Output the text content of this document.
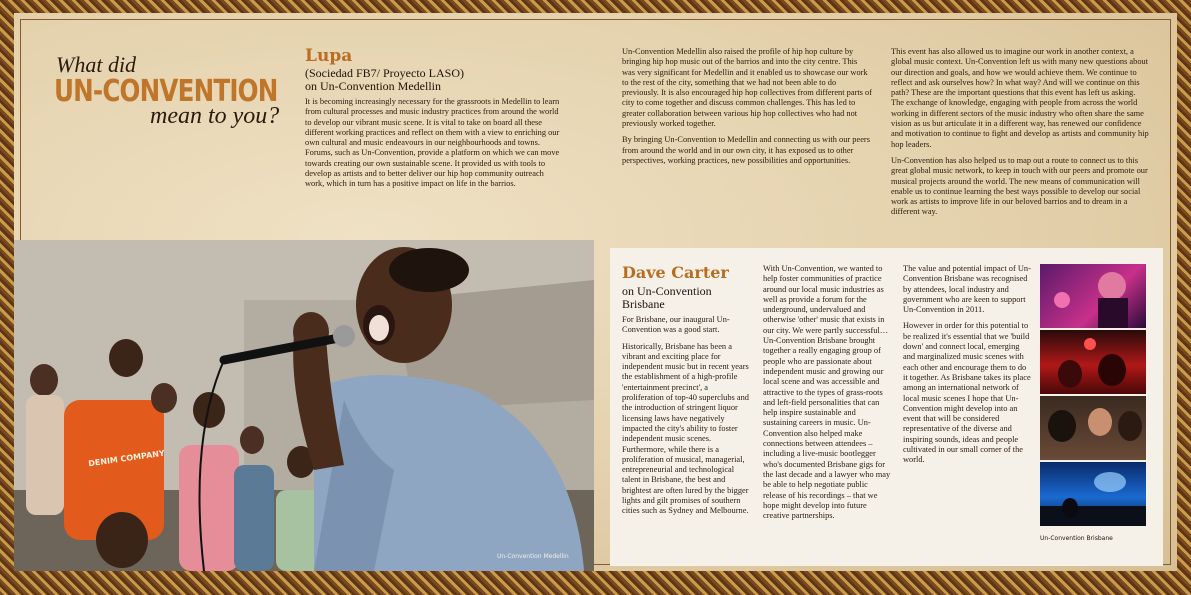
What did
UN-CONVENTION
mean to you?
Lupa
(Sociedad FB7/ Proyecto LASO)
on Un-Convention Medellin

It is becoming increasingly necessary for the grassroots in Medellin to learn from cultural processes and music industry practices from around the world to develop our vibrant music scene. It is vital to take on board all these different working practices and reflect on them with a view to enriching our own cultural and music endeavours in our neighbourhoods and towns. Forums, such as Un-Convention, provide a platform on which we can move towards creating our own sustainable scene. It provided us with tools to develop as artists and to better deliver our hip hop community outreach work, which in turn has a positive impact on life in the barrios.

Un-Convention Medellin also raised the profile of hip hop culture by bringing hip hop music out of the barrios and into the city centre. This was very significant for Medellin and it enabled us to showcase our work to the rest of the city, something that we had not been able to do previously. It is also encouraged hip hop collectives from different parts of city to come together and discuss common challenges. This has led to greater collaboration between various hip hop collectives who had not previously worked together.

By bringing Un-Convention to Medellin and connecting us with our peers from around the world and in our own city, it has exposed us to other perspectives, working practices, new possibilities and opportunities.

This event has also allowed us to imagine our work in another context, a global music context. Un-Convention left us with many new questions about our direction and goals, and how we would achieve them. We continue to reflect and ask ourselves how? In what way? And will we continue on this path? These are the important questions that this event has left us asking. The exchange of knowledge, engaging with people from across the world working in different sectors of the music industry who often share the same vision as us but articulate it in a different way, has renewed our confidence and motivation to continue to fight and develop as artists and community hip hop leaders.

Un-Convention has also helped us to map out a route to connect us to this great global music network, to keep in touch with our peers and promote our musical projects around the world. The new means of communication will enable us to continue learning the best ways possible to develop our social work as artists to improve life in our beloved barrios and to dream in a different way.

DENIM COMPANY
Un-Convention Medellin
Dave Carter
on Un-Convention
Brisbane

For Brisbane, our inaugural Un-Convention was a good start.

Historically, Brisbane has been a vibrant and exciting place for independent music but in recent years the establishment of a high-profile 'entertainment precinct', a proliferation of top-40 superclubs and the introduction of stringent liquor licensing laws have negatively impacted the city's ability to foster independent music scenes. Furthermore, while there is a proliferation of musical, managerial, entrepreneurial and technological talent in Brisbane, the best and brightest are often lured by the bigger lights and gilt promises of southern cities such as Sydney and Melbourne.

With Un-Convention, we wanted to help foster communities of practice around our local music industries as well as provide a forum for the underground, undervalued and otherwise 'other' music that exists in our city. We were partly successful… Un-Convention Brisbane brought together a really engaging group of people who are passionate about independent music and growing our local scene and was accessible and attractive to the types of grass-roots and left-field personalities that can help inspire sustainable and sustaining careers in music. Un-Convention also helped make connections between attendees – including a live-music bootlegger who's documented Brisbane gigs for the last decade and a lawyer who may be able to help negotiate public release of his recordings – that we hope might develop into future creative partnerships.

The value and potential impact of Un-Convention Brisbane was recognised by attendees, local industry and government who are keen to support Un-Convention in 2011.

However in order for this potential to be realized it's essential that we 'build down' and connect local, emerging and marginalized music scenes with each other and encourage them to do it together. As Brisbane takes its place among an international network of local music scenes I hope that Un-Convention might develop into an event that will be considered representative of the diverse and inspiring sounds, ideas and people cultivated in our small corner of the world.

Un-Convention Brisbane
